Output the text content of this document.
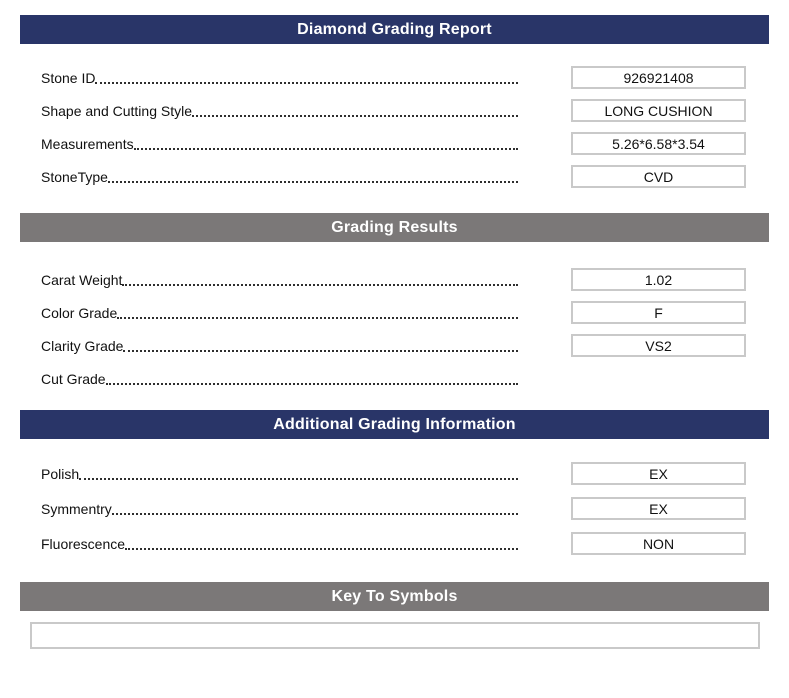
Diamond Grading Report
Stone ID
926921408
Shape and Cutting Style
LONG CUSHION
Measurements
5.26*6.58*3.54
StoneType
CVD
Grading Results
Carat Weight
1.02
Color Grade
F
Clarity Grade
VS2
Cut Grade
Additional Grading Information
Polish
EX
Symmentry
EX
Fluorescence
NON
Key To Symbols
